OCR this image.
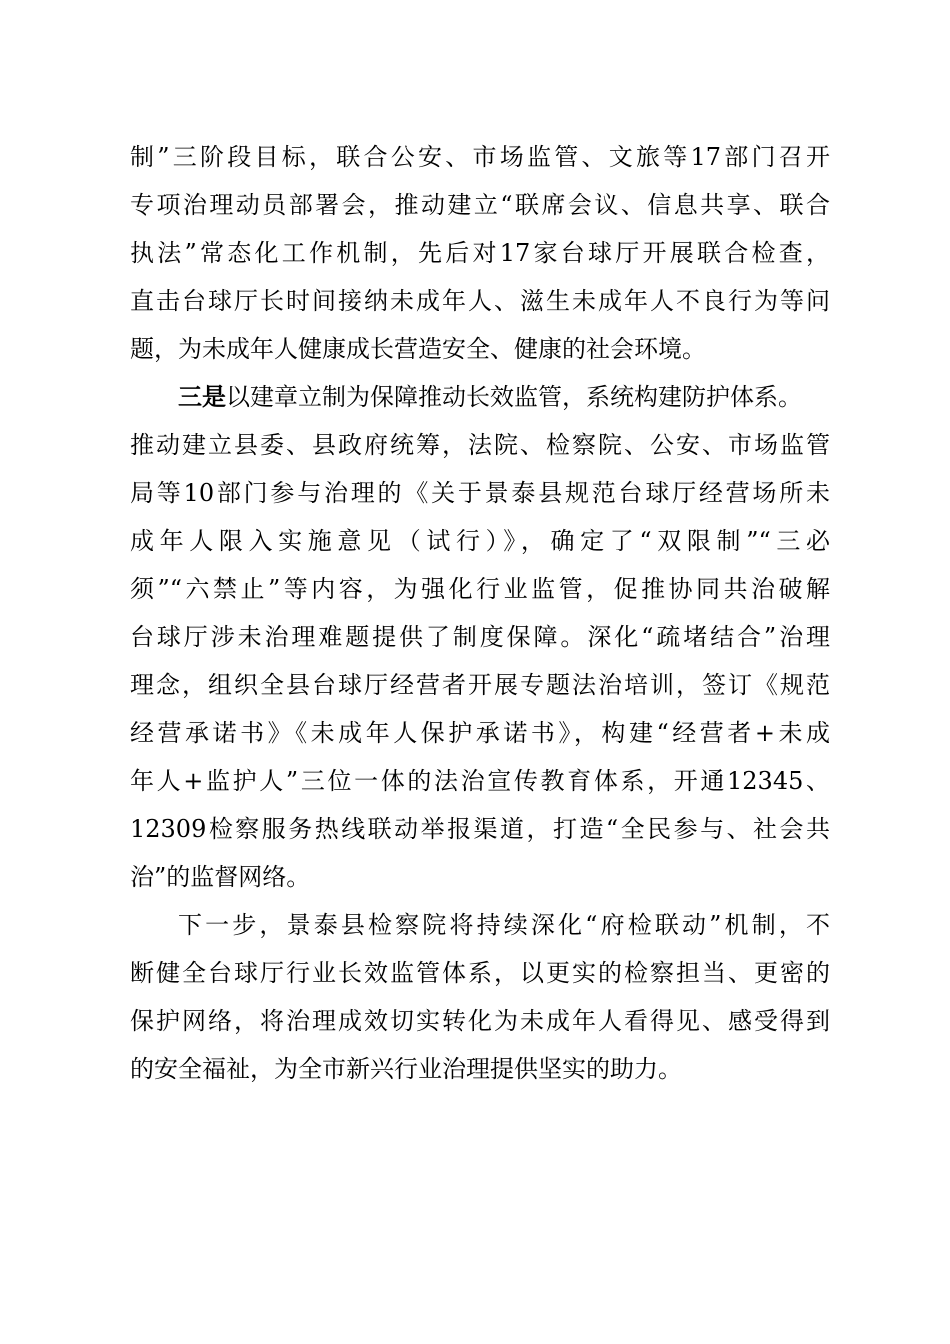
制”三阶段目标，联合公安、市场监管、文旅等17部门召开
专项治理动员部署会，推动建立“联席会议、信息共享、联合
执法”常态化工作机制，先后对17家台球厅开展联合检查，
直击台球厅长时间接纳未成年人、滋生未成年人不良行为等问
题，为未成年人健康成长营造安全、健康的社会环境。
三是以建章立制为保障推动长效监管，系统构建防护体系。
推动建立县委、县政府统筹，法院、检察院、公安、市场监管
局等10部门参与治理的《关于景泰县规范台球厅经营场所未
成年人限入实施意见（试行）》，确定了“双限制”“三必
须”“六禁止”等内容，为强化行业监管，促推协同共治破解
台球厅涉未治理难题提供了制度保障。深化“疏堵结合”治理
理念，组织全县台球厅经营者开展专题法治培训，签订《规范
经营承诺书》《未成年人保护承诺书》，构建“经营者+未成
年人+监护人”三位一体的法治宣传教育体系，开通12345、
12309检察服务热线联动举报渠道，打造“全民参与、社会共
治”的监督网络。
下一步，景泰县检察院将持续深化“府检联动”机制，不
断健全台球厅行业长效监管体系，以更实的检察担当、更密的
保护网络，将治理成效切实转化为未成年人看得见、感受得到
的安全福祉，为全市新兴行业治理提供坚实的助力。
